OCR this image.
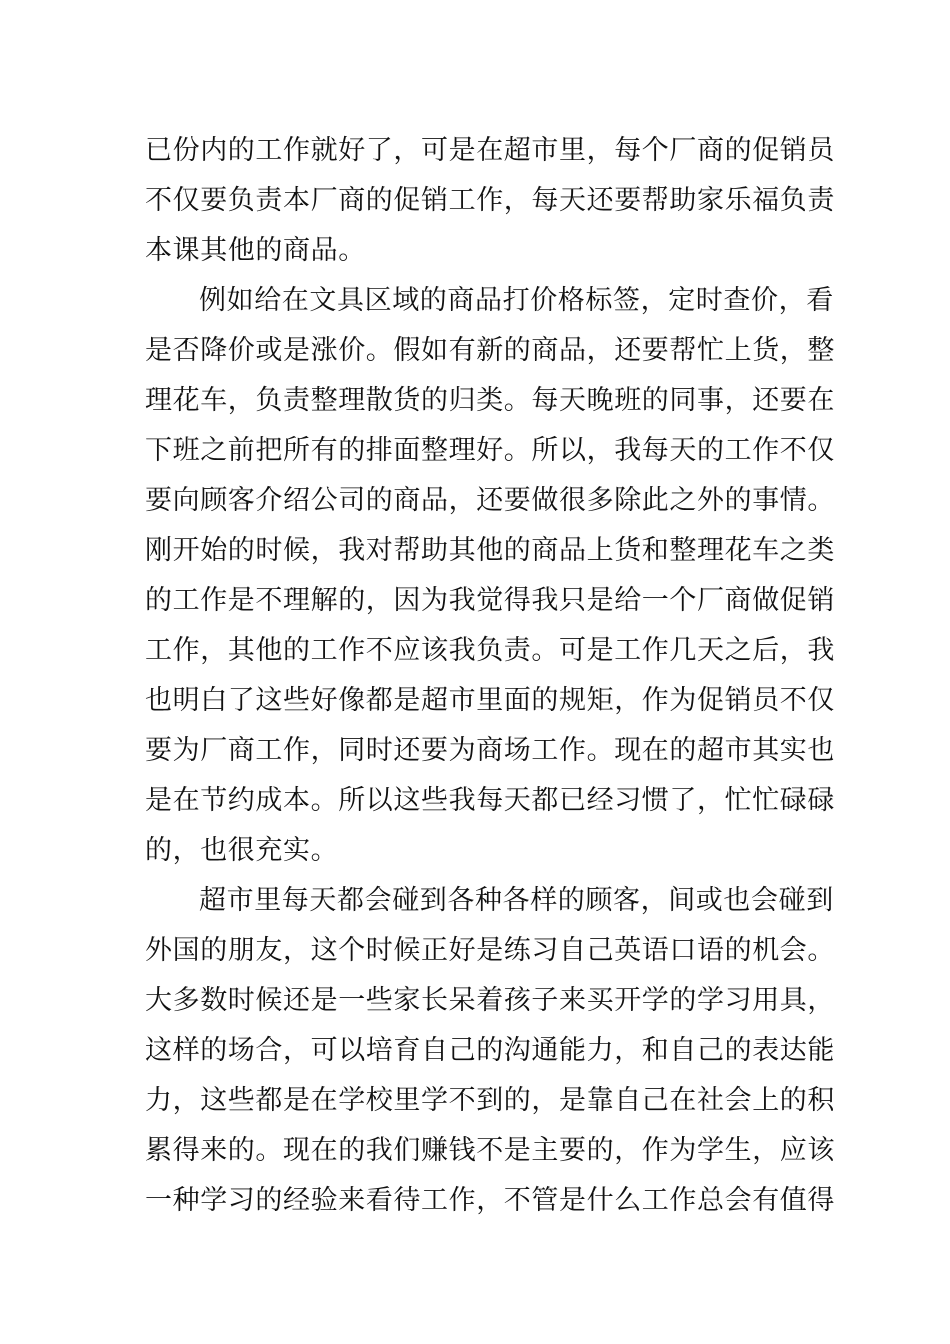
已份内的工作就好了，可是在超市里，每个厂商的促销员
不仅要负责本厂商的促销工作，每天还要帮助家乐福负责
本课其他的商品。
例如给在文具区域的商品打价格标签，定时查价，看
是否降价或是涨价。假如有新的商品，还要帮忙上货，整
理花车，负责整理散货的归类。每天晚班的同事，还要在
下班之前把所有的排面整理好。所以，我每天的工作不仅
要向顾客介绍公司的商品，还要做很多除此之外的事情。
刚开始的时候，我对帮助其他的商品上货和整理花车之类
的工作是不理解的，因为我觉得我只是给一个厂商做促销
工作，其他的工作不应该我负责。可是工作几天之后，我
也明白了这些好像都是超市里面的规矩，作为促销员不仅
要为厂商工作，同时还要为商场工作。现在的超市其实也
是在节约成本。所以这些我每天都已经习惯了，忙忙碌碌
的，也很充实。
超市里每天都会碰到各种各样的顾客，间或也会碰到
外国的朋友，这个时候正好是练习自己英语口语的机会。
大多数时候还是一些家长呆着孩子来买开学的学习用具，
这样的场合，可以培育自己的沟通能力，和自己的表达能
力，这些都是在学校里学不到的，是靠自己在社会上的积
累得来的。现在的我们赚钱不是主要的，作为学生，应该
一种学习的经验来看待工作，不管是什么工作总会有值得
